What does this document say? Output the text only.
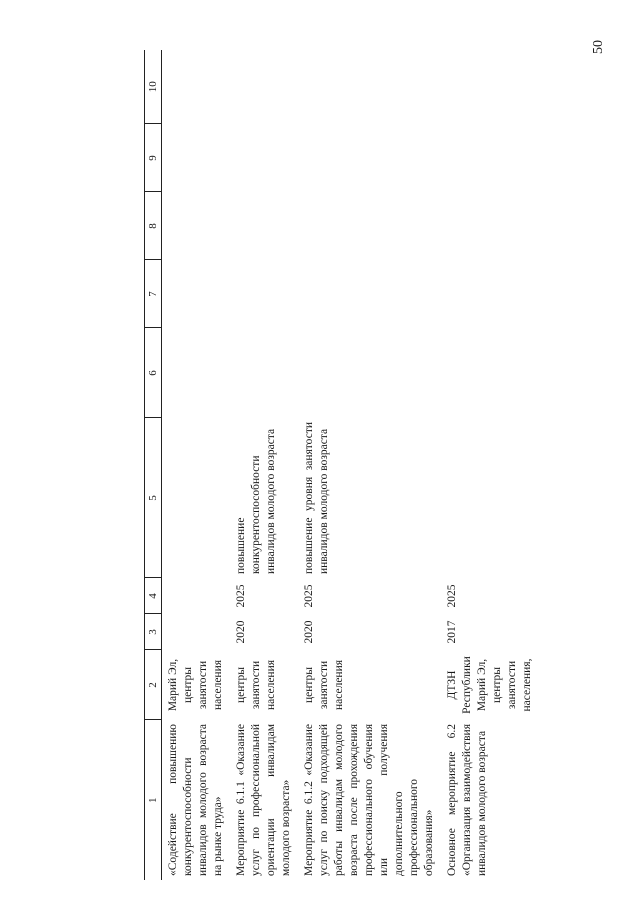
50
1	2	3	4	5	6	7	8	9	10
«Содействие повышению конкурентоспособности инвалидов молодого возраста на рынке труда»	Марий Эл, центры занятости населения								
Мероприятие 6.1.1 «Оказание услуг по профессиональной ориентации инвалидам молодого возраста»	центры занятости населения	2020	2025	повышение конкурентоспособности инвалидов молодого возраста					
Мероприятие 6.1.2 «Оказание услуг по поиску подходящей работы инвалидам молодого возраста после прохождения профессионального обучения или получения дополнительного профессионального образования»	центры занятости населения	2020	2025	повышение уровня занятости инвалидов молодого возраста					
Основное мероприятие 6.2 «Организация взаимодействия инвалидов молодого возраста	ДТЗН Республики Марий Эл, центры занятости населения,	2017	2025						
